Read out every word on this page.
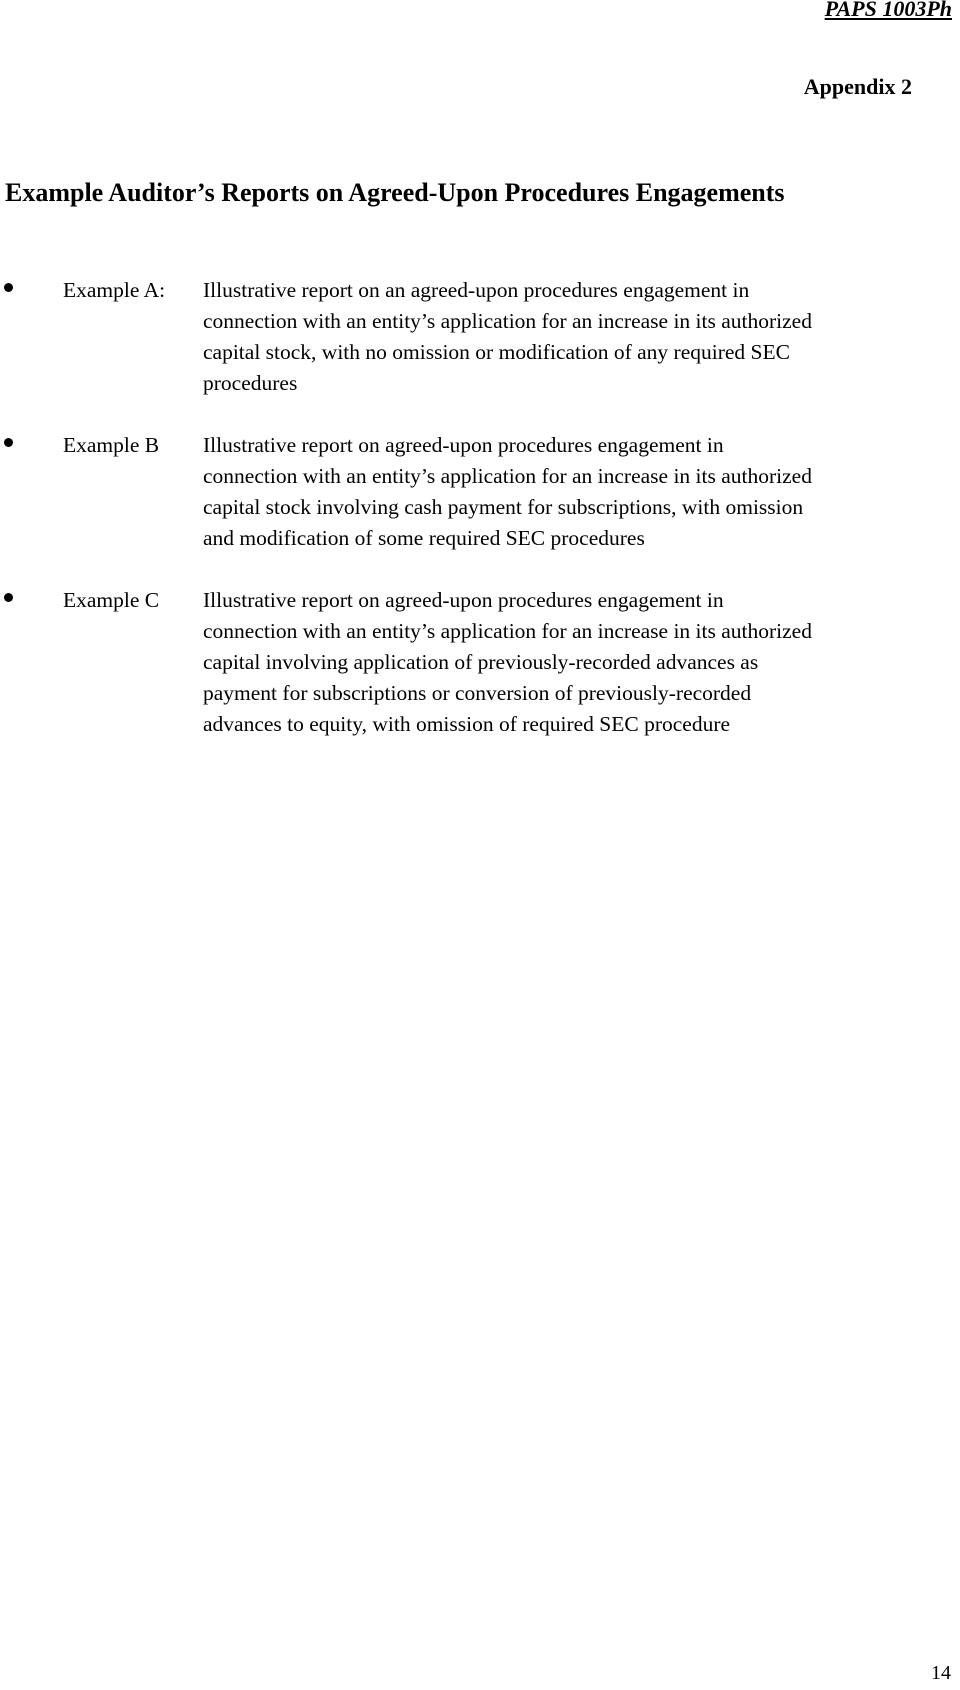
PAPS 1003Ph
Appendix 2
Example Auditor’s Reports on Agreed-Upon Procedures Engagements
Example A: Illustrative report on an agreed-upon procedures engagement in
connection with an entity’s application for an increase in its authorized
capital stock, with no omission or modification of any required SEC
procedures
Example B Illustrative report on agreed-upon procedures engagement in
connection with an entity’s application for an increase in its authorized
capital stock involving cash payment for subscriptions, with omission
and modification of some required SEC procedures
Example C Illustrative report on agreed-upon procedures engagement in
connection with an entity’s application for an increase in its authorized
capital involving application of previously-recorded advances as
payment for subscriptions or conversion of previously-recorded
advances to equity, with omission of required SEC procedure
14
